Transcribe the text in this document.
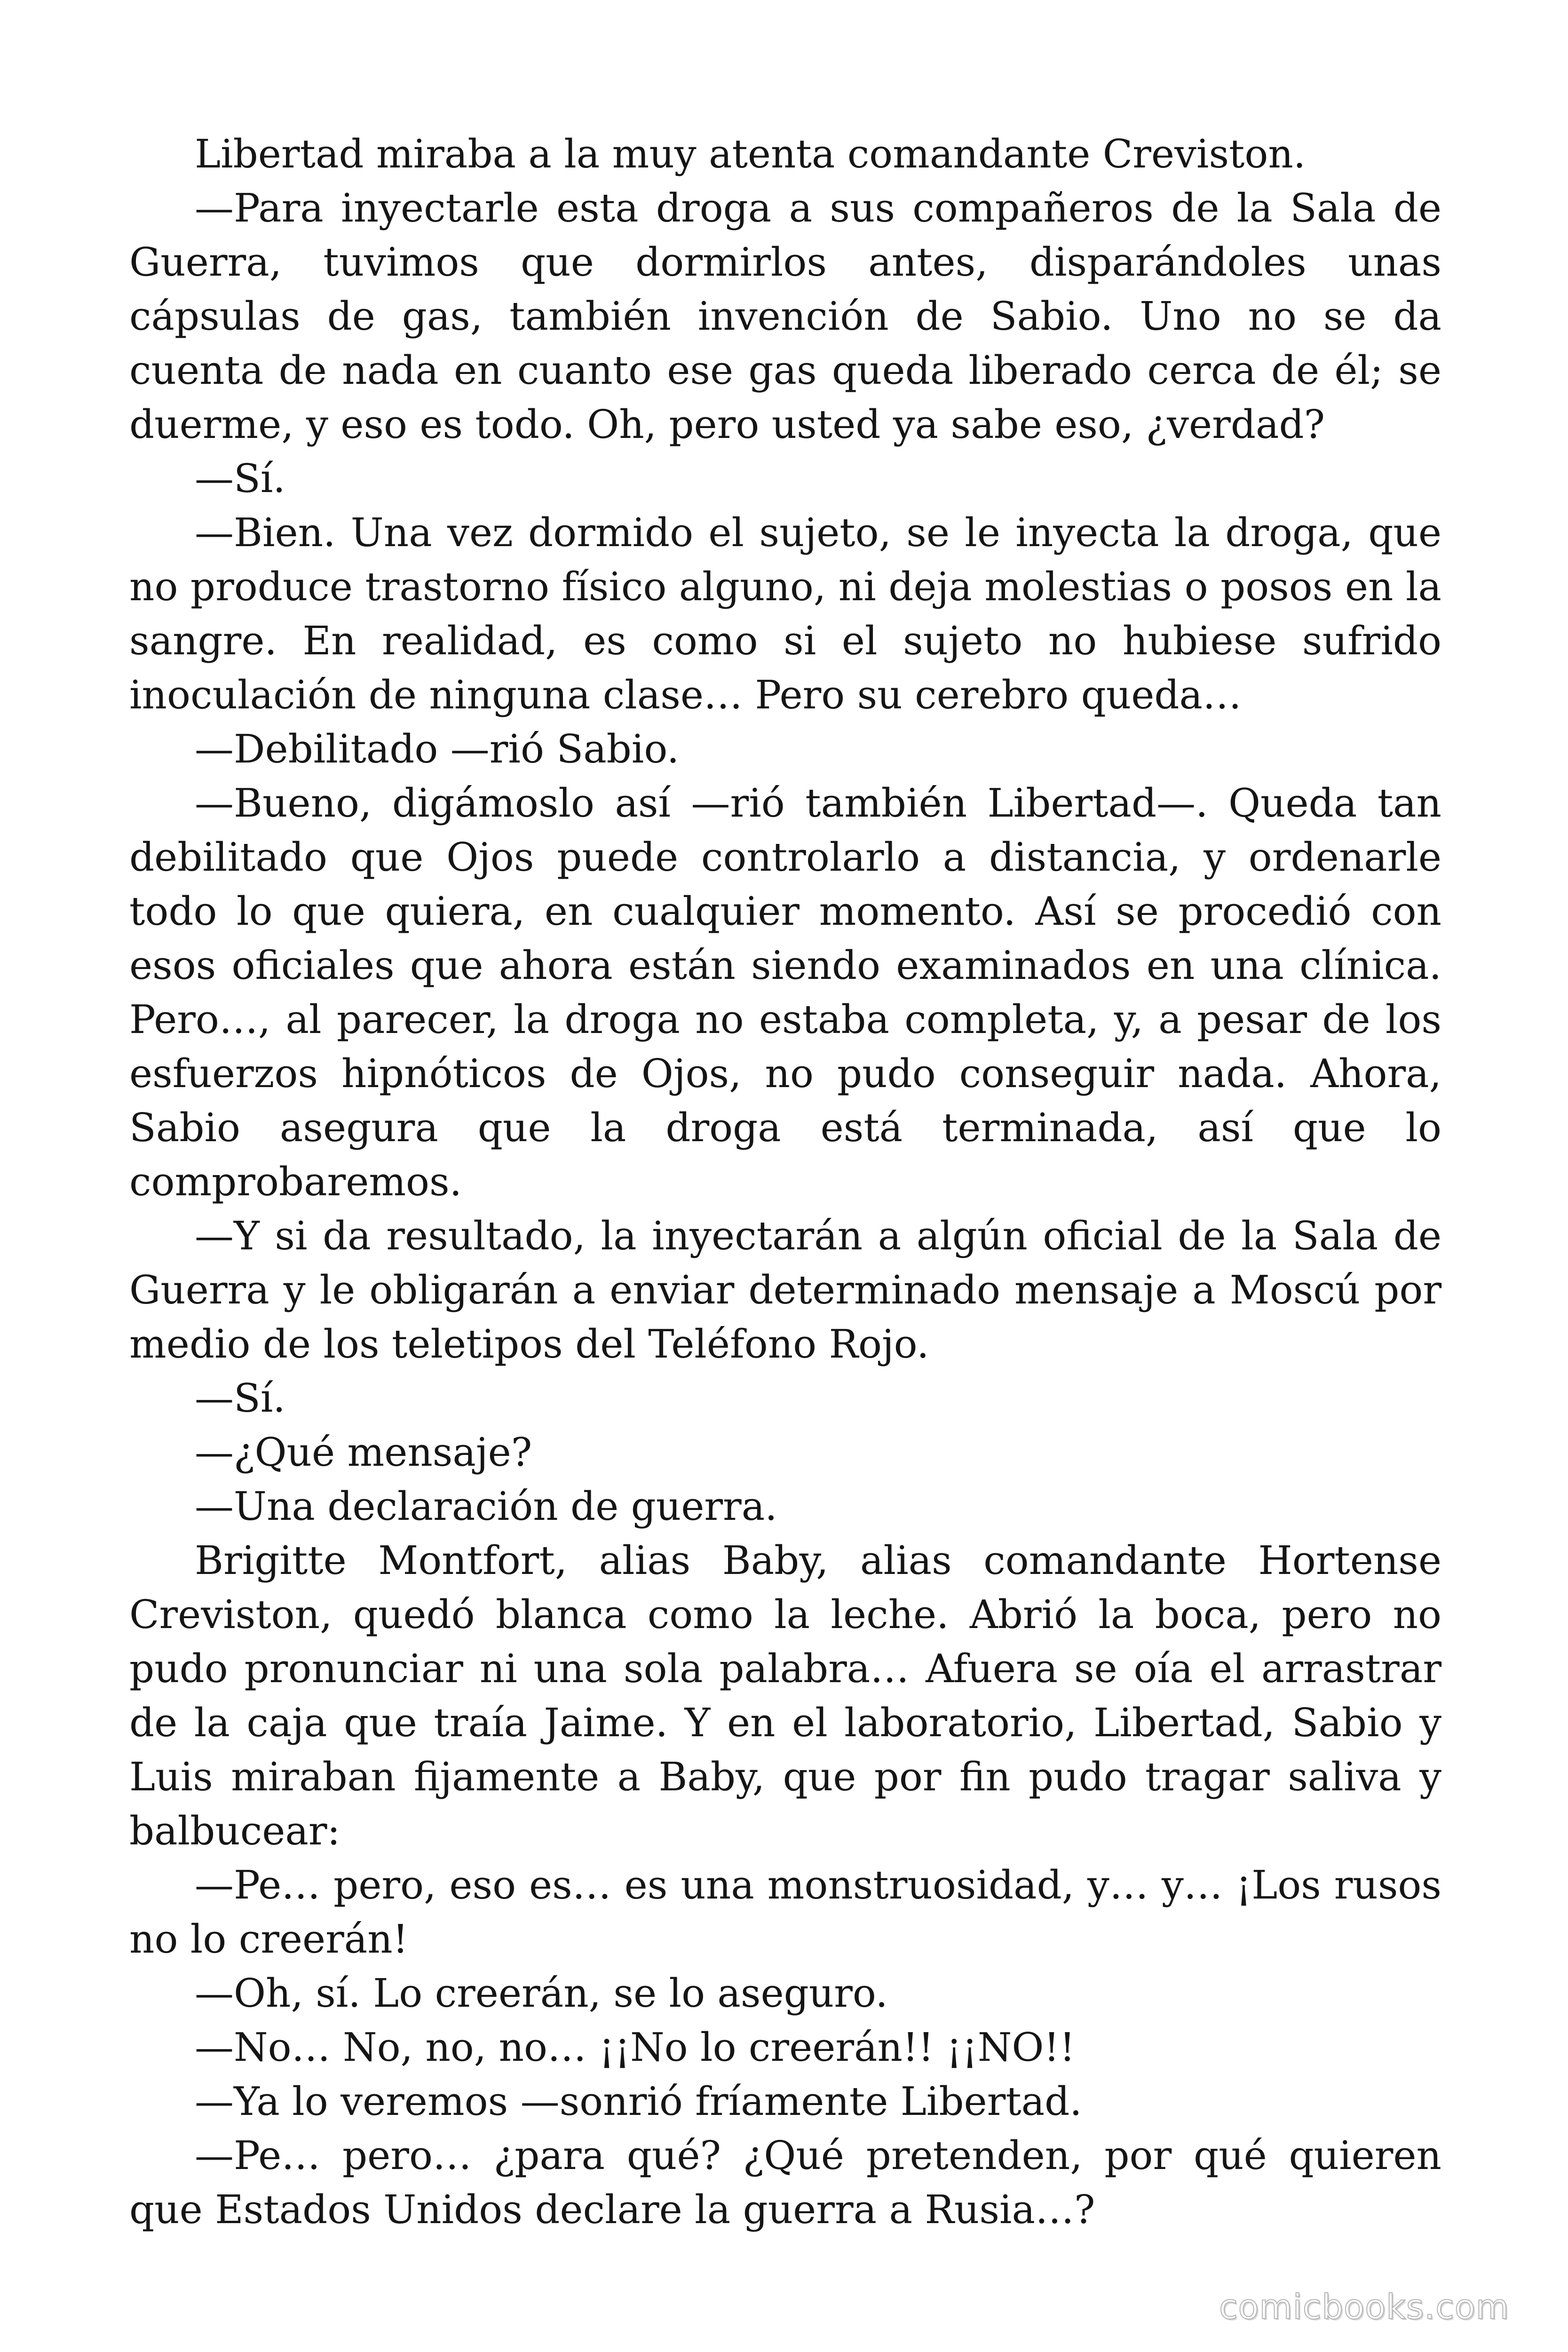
Libertad miraba a la muy atenta comandante Creviston.

—Para inyectarle esta droga a sus compañeros de la Sala de Guerra, tuvimos que dormirlos antes, disparándoles unas cápsulas de gas, también invención de Sabio. Uno no se da cuenta de nada en cuanto ese gas queda liberado cerca de él; se duerme, y eso es todo. Oh, pero usted ya sabe eso, ¿verdad?

—Sí.

—Bien. Una vez dormido el sujeto, se le inyecta la droga, que no produce trastorno físico alguno, ni deja molestias o posos en la sangre. En realidad, es como si el sujeto no hubiese sufrido inoculación de ninguna clase… Pero su cerebro queda…

—Debilitado —rió Sabio.

—Bueno, digámoslo así —rió también Libertad—. Queda tan debilitado que Ojos puede controlarlo a distancia, y ordenarle todo lo que quiera, en cualquier momento. Así se procedió con esos oficiales que ahora están siendo examinados en una clínica. Pero…, al parecer, la droga no estaba completa, y, a pesar de los esfuerzos hipnóticos de Ojos, no pudo conseguir nada. Ahora, Sabio asegura que la droga está terminada, así que lo comprobaremos.

—Y si da resultado, la inyectarán a algún oficial de la Sala de Guerra y le obligarán a enviar determinado mensaje a Moscú por medio de los teletipos del Teléfono Rojo.

—Sí.

—¿Qué mensaje?

—Una declaración de guerra.

Brigitte Montfort, alias Baby, alias comandante Hortense Creviston, quedó blanca como la leche. Abrió la boca, pero no pudo pronunciar ni una sola palabra… Afuera se oía el arrastrar de la caja que traía Jaime. Y en el laboratorio, Libertad, Sabio y Luis miraban fijamente a Baby, que por fin pudo tragar saliva y balbucear:

—Pe… pero, eso es… es una monstruosidad, y… y… ¡Los rusos no lo creerán!

—Oh, sí. Lo creerán, se lo aseguro.

—No… No, no, no… ¡¡No lo creerán!! ¡¡NO!!

—Ya lo veremos —sonrió fríamente Libertad.

—Pe… pero… ¿para qué? ¿Qué pretenden, por qué quieren que Estados Unidos declare la guerra a Rusia…?

comicbooks.com
